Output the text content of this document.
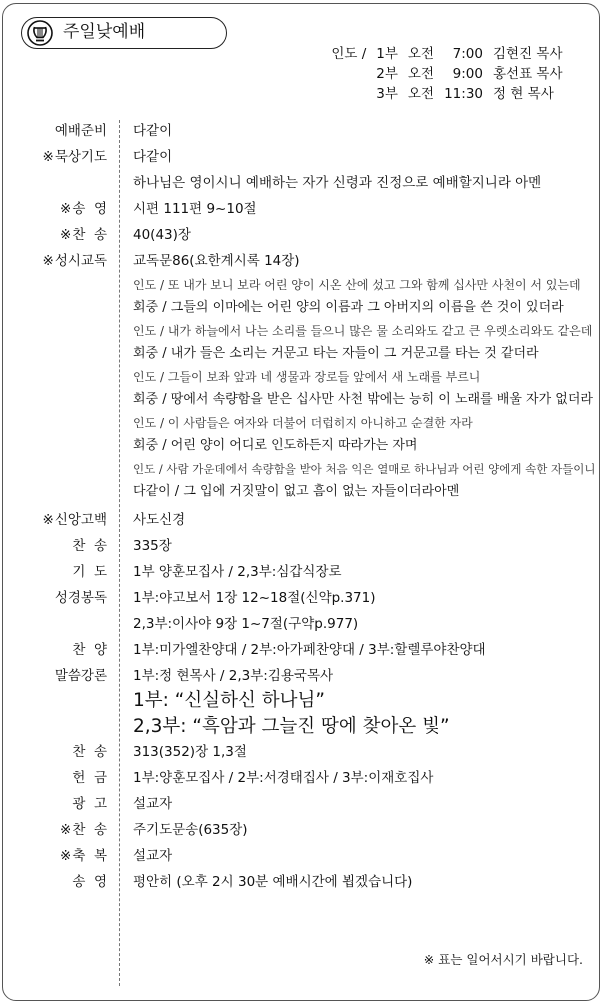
주일낮예배
인도 / 1부 오전	7:00 김현진 목사
2부 오전	9:00 홍선표 목사
3부 오전 11:30 정 현 목사
예배준비 다같이
※묵상기도 다같이
하나님은 영이시니 예배하는 자가 신령과 진정으로 예배할지니라 아멘
※송  영 시편 111편 9~10절
※찬  송 40(43)장
※성시교독 교독문86(요한계시록 14장)
인도 / 또 내가 보니 보라 어린 양이 시온 산에 섰고 그와 함께 십사만 사천이 서 있는데
회중 / 그들의 이마에는 어린 양의 이름과 그 아버지의 이름을 쓴 것이 있더라
인도 / 내가 하늘에서 나는 소리를 들으니 많은 물 소리와도 같고 큰 우렛소리와도 같은데
회중 / 내가 들은 소리는 거문고 타는 자들이 그 거문고를 타는 것 같더라
인도 / 그들이 보좌 앞과 네 생물과 장로들 앞에서 새 노래를 부르니
회중 / 땅에서 속량함을 받은 십사만 사천 밖에는 능히 이 노래를 배울 자가 없더라
인도 / 이 사람들은 여자와 더불어 더럽히지 아니하고 순결한 자라
회중 / 어린 양이 어디로 인도하든지 따라가는 자며
인도 / 사람 가운데에서 속량함을 받아 처음 익은 열매로 하나님과 어린 양에게 속한 자들이니
다같이 / 그 입에 거짓말이 없고 흠이 없는 자들이더라아멘
※신앙고백 사도신경
찬  송 335장
기  도 1부 양훈모집사 / 2,3부:심갑식장로
성경봉독 1부:야고보서 1장 12~18절(신약p.371)
2,3부:이사야 9장 1~7절(구약p.977)
찬  양 1부:미가엘찬양대 / 2부:아가페찬양대 / 3부:할렐루야찬양대
말씀강론 1부:정 현목사 / 2,3부:김용국목사
1부: “신실하신 하나님”
2,3부: “흑암과 그늘진 땅에 찾아온 빛”
찬  송 313(352)장 1,3절
헌  금 1부:양훈모집사 / 2부:서경태집사 / 3부:이재호집사
광  고 설교자
※찬  송 주기도문송(635장)
※축  복 설교자
송  영 평안히 (오후 2시 30분 예배시간에 뵙겠습니다)
※ 표는 일어서시기 바랍니다.
